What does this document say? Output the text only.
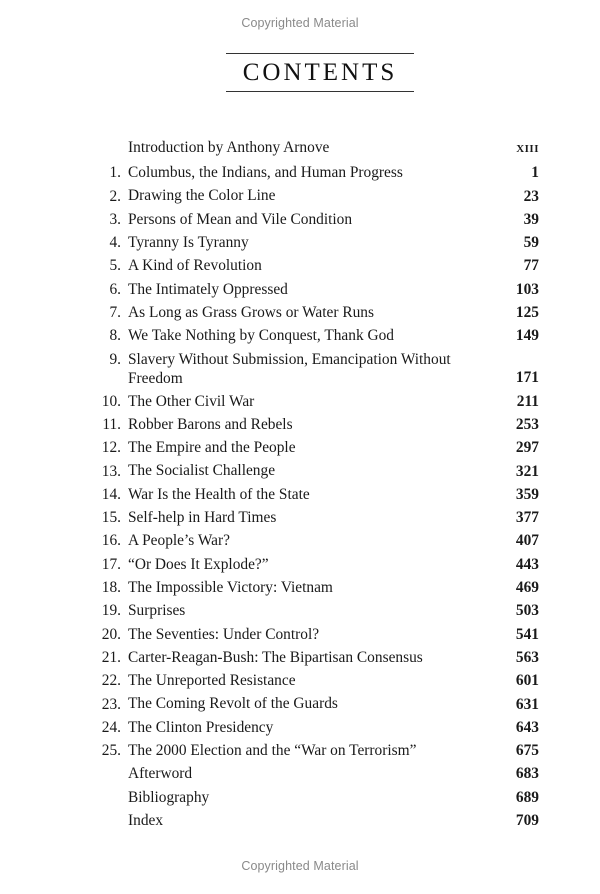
Copyrighted Material
CONTENTS
Introduction by Anthony Arnove	xiii
1. Columbus, the Indians, and Human Progress	1
2. Drawing the Color Line	23
3. Persons of Mean and Vile Condition	39
4. Tyranny Is Tyranny	59
5. A Kind of Revolution	77
6. The Intimately Oppressed	103
7. As Long as Grass Grows or Water Runs	125
8. We Take Nothing by Conquest, Thank God	149
9. Slavery Without Submission, Emancipation Without Freedom	171
10. The Other Civil War	211
11. Robber Barons and Rebels	253
12. The Empire and the People	297
13. The Socialist Challenge	321
14. War Is the Health of the State	359
15. Self-help in Hard Times	377
16. A People’s War?	407
17. “Or Does It Explode?”	443
18. The Impossible Victory: Vietnam	469
19. Surprises	503
20. The Seventies: Under Control?	541
21. Carter-Reagan-Bush: The Bipartisan Consensus	563
22. The Unreported Resistance	601
23. The Coming Revolt of the Guards	631
24. The Clinton Presidency	643
25. The 2000 Election and the “War on Terrorism”	675
Afterword	683
Bibliography	689
Index	709
Copyrighted Material
